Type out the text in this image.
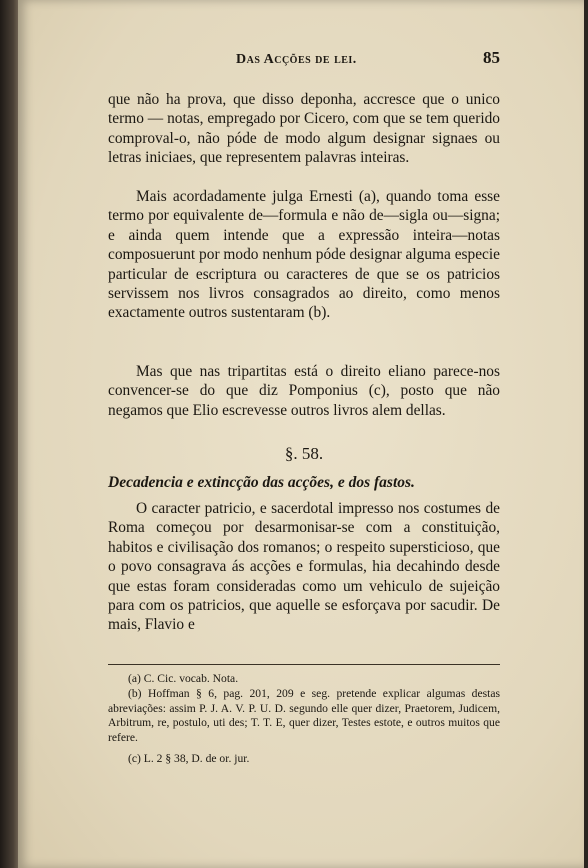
Das Acções de lei.	85

que não ha prova, que disso deponha, accresce que o unico termo — notas, empregado por Cicero, com que se tem querido comproval-o, não póde de modo algum designar signaes ou letras iniciaes, que representem palavras inteiras.

Mais acordadamente julga Ernesti (a), quando toma esse termo por equivalente de—formula e não de—sigla ou—signa; e ainda quem intende que a expressão inteira—notas composuerunt por modo nenhum póde designar alguma especie particular de escriptura ou caracteres de que se os patricios servissem nos livros consagrados ao direito, como menos exactamente outros sustentaram (b).

Mas que nas tripartitas está o direito eliano parece-nos convencer-se do que diz Pomponius (c), posto que não negamos que Elio escrevesse outros livros alem dellas.

§. 58.
Decadencia e extincção das acções, e dos fastos.

O caracter patricio, e sacerdotal impresso nos costumes de Roma começou por desarmonisar-se com a constituição, habitos e civilisação dos romanos; o respeito supersticioso, que o povo consagrava ás acções e formulas, hia decahindo desde que estas foram consideradas como um vehiculo de sujeição para com os patricios, que aquelle se esforçava por sacudir. De mais, Flavio e

(a) C. Cic. vocab. Nota.

(b) Hoffman § 6, pag. 201, 209 e seg. pretende explicar algumas destas abreviações: assim P. J. A. V. P. U. D. segundo elle quer dizer, Praetorem, Judicem, Arbitrum, re, postulo, uti des; T. T. E, quer dizer, Testes estote, e outros muitos que refere.

(c) L. 2 § 38, D. de or. jur.
